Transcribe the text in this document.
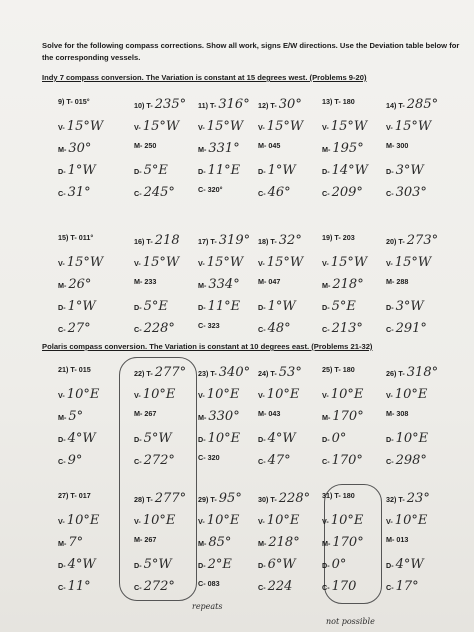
Solve for the following compass corrections. Show all work, signs E/W directions. Use the Deviation table below for the corresponding vessels.
Indy 7 compass conversion. The Variation is constant at 15 degrees west. (Problems 9-20)
Polaris compass conversion. The Variation is constant at 10 degrees east. (Problems 21-32)
repeats
not possible
9) T- 015°
V- 15°W
M- 30°
D- 1°W
C- 31°
10) T- 235°
V- 15°W
M- 250
D- 5°E
C- 245°
11) T- 316°
V- 15°W
M- 331°
D- 11°E
C- 320°
12) T- 30°
V- 15°W
M- 045
D- 1°W
C- 46°
13) T- 180
V- 15°W
M- 195°
D- 14°W
C- 209°
14) T- 285°
V- 15°W
M- 300
D- 3°W
C- 303°
15) T- 011°
V- 15°W
M- 26°
D- 1°W
C- 27°
16) T- 218
V- 15°W
M- 233
D- 5°E
C- 228°
17) T- 319°
V- 15°W
M- 334°
D- 11°E
C- 323
18) T- 32°
V- 15°W
M- 047
D- 1°W
C- 48°
19) T- 203
V- 15°W
M- 218°
D- 5°E
C- 213°
20) T- 273°
V- 15°W
M- 288
D- 3°W
C- 291°
21) T- 015
V- 10°E
M- 5°
D- 4°W
C- 9°
22) T- 277°
V- 10°E
M- 267
D- 5°W
C- 272°
23) T- 340°
V- 10°E
M- 330°
D- 10°E
C- 320
24) T- 53°
V- 10°E
M- 043
D- 4°W
C- 47°
25) T- 180
V- 10°E
M- 170°
D- 0°
C- 170°
26) T- 318°
V- 10°E
M- 308
D- 10°E
C- 298°
27) T- 017
V- 10°E
M- 7°
D- 4°W
C- 11°
28) T- 277°
V- 10°E
M- 267
D- 5°W
C- 272°
29) T- 95°
V- 10°E
M- 85°
D- 2°E
C- 083
30) T- 228°
V- 10°E
M- 218°
D- 6°W
C- 224
31) T- 180
V- 10°E
M- 170°
D- 0°
C- 170
32) T- 23°
V- 10°E
M- 013
D- 4°W
C- 17°
